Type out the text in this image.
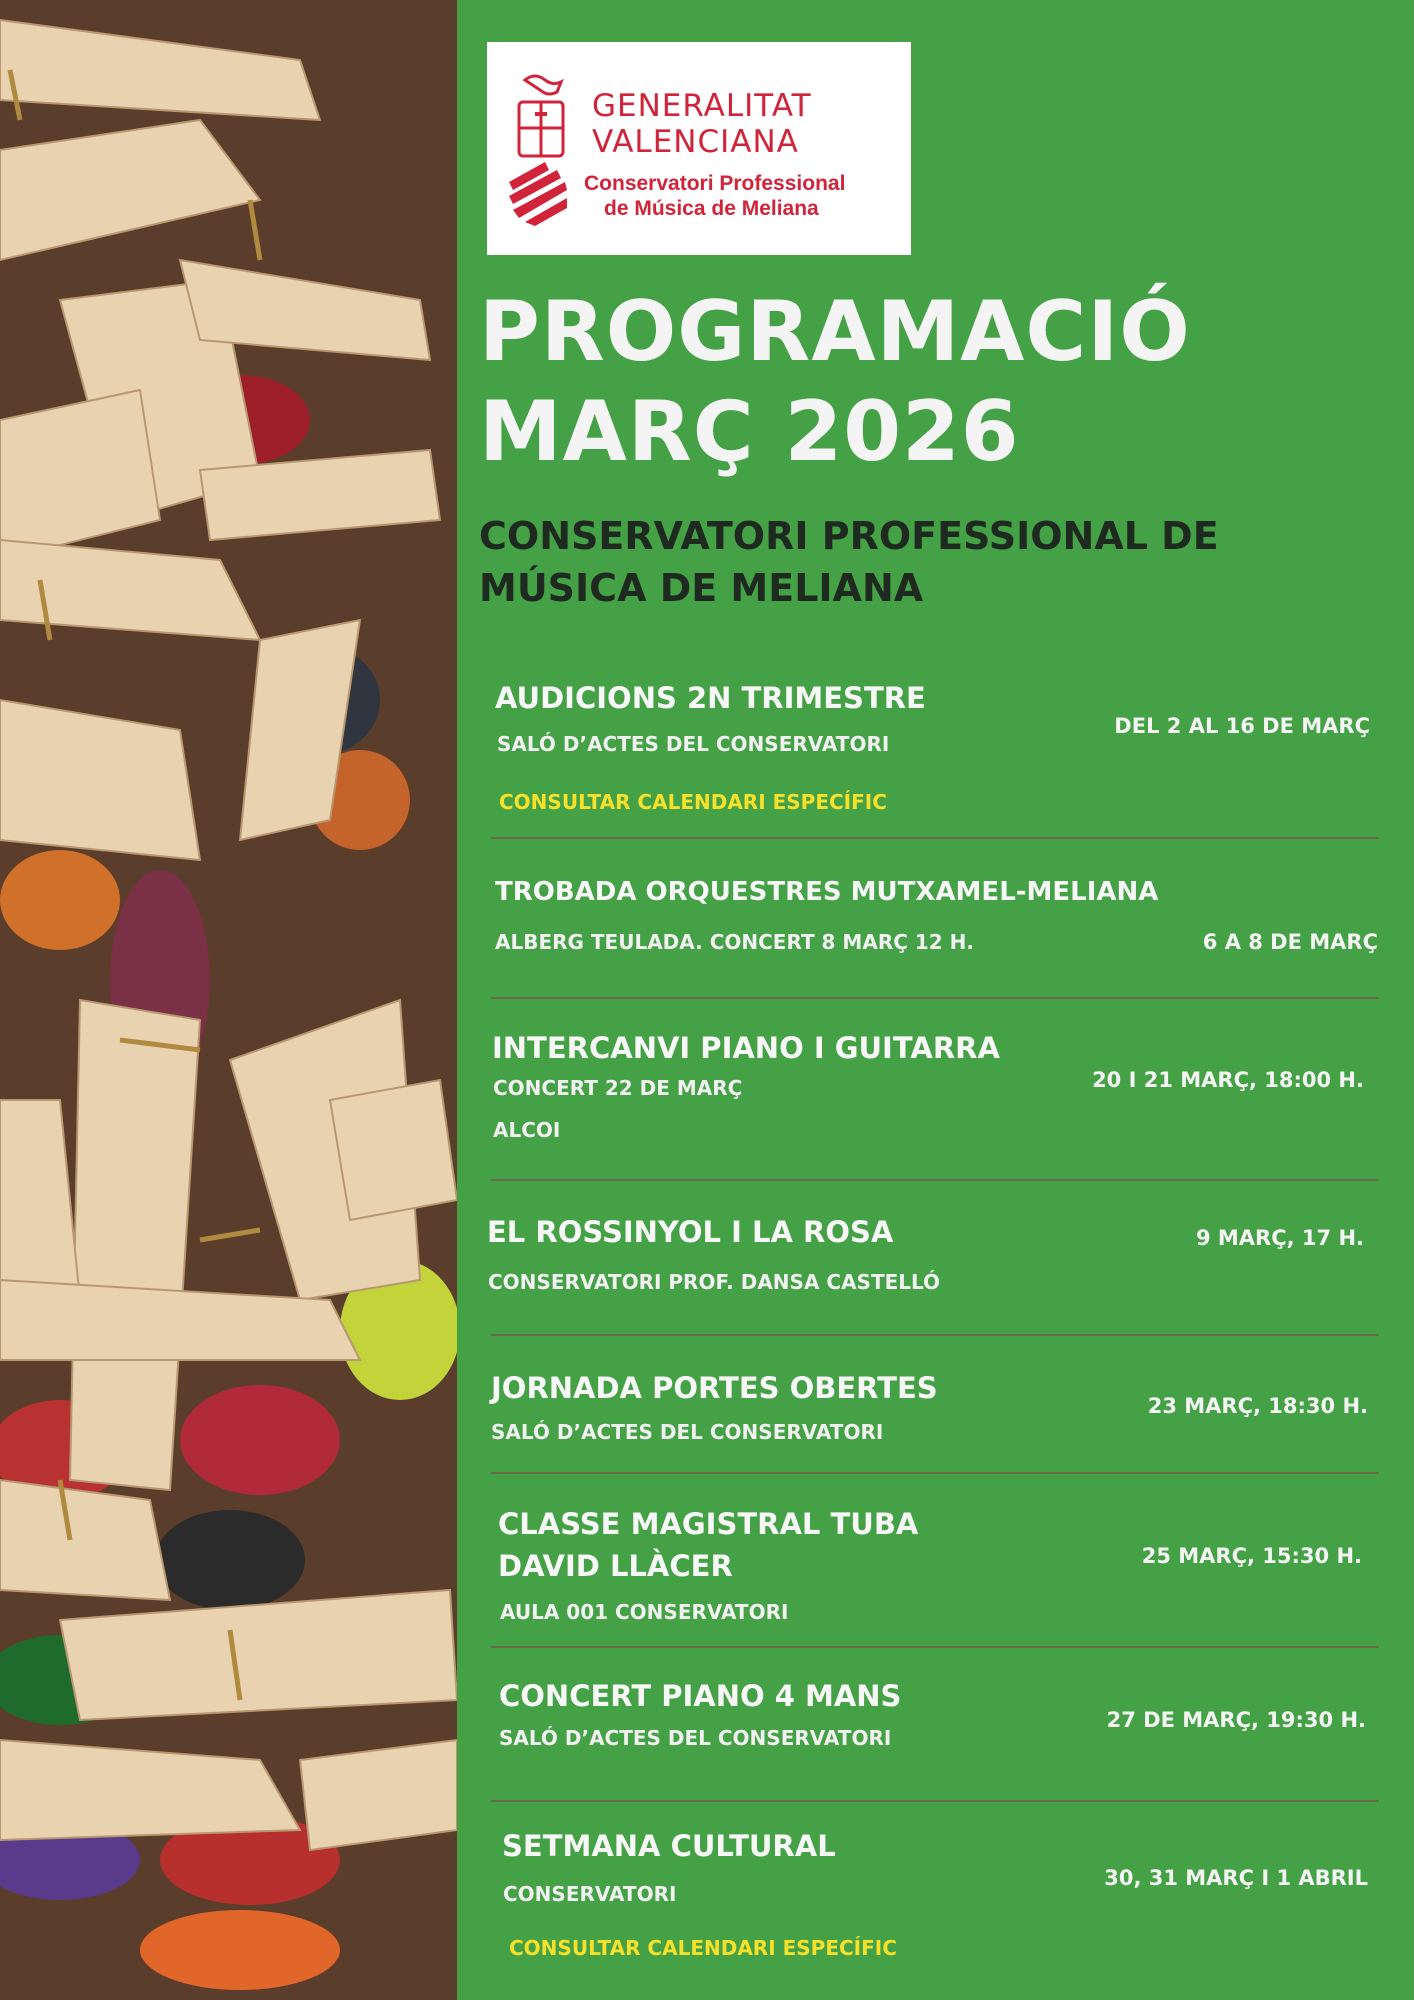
GENERALITAT
VALENCIANA
Conservatori Professional
de Música de Meliana
PROGRAMACIÓ
MARÇ 2026
CONSERVATORI PROFESSIONAL DE
MÚSICA DE MELIANA
AUDICIONS 2N TRIMESTRE
SALÓ D’ACTES DEL CONSERVATORI
CONSULTAR CALENDARI ESPECÍFIC
DEL 2 AL 16 DE MARÇ
TROBADA ORQUESTRES MUTXAMEL-MELIANA
ALBERG TEULADA. CONCERT 8 MARÇ 12 H.	6 A 8 DE MARÇ
INTERCANVI PIANO I GUITARRA
CONCERT 22 DE MARÇ
ALCOI
20 I 21 MARÇ, 18:00 H.
EL ROSSINYOL I LA ROSA
CONSERVATORI PROF. DANSA CASTELLÓ
9 MARÇ, 17 H.
JORNADA PORTES OBERTES
SALÓ D’ACTES DEL CONSERVATORI
23 MARÇ, 18:30 H.
CLASSE MAGISTRAL TUBA
DAVID LLÀCER
AULA 001 CONSERVATORI
25 MARÇ, 15:30 H.
CONCERT PIANO 4 MANS
SALÓ D’ACTES DEL CONSERVATORI
27 DE MARÇ, 19:30 H.
SETMANA CULTURAL
CONSERVATORI
CONSULTAR CALENDARI ESPECÍFIC
30, 31 MARÇ I 1 ABRIL
